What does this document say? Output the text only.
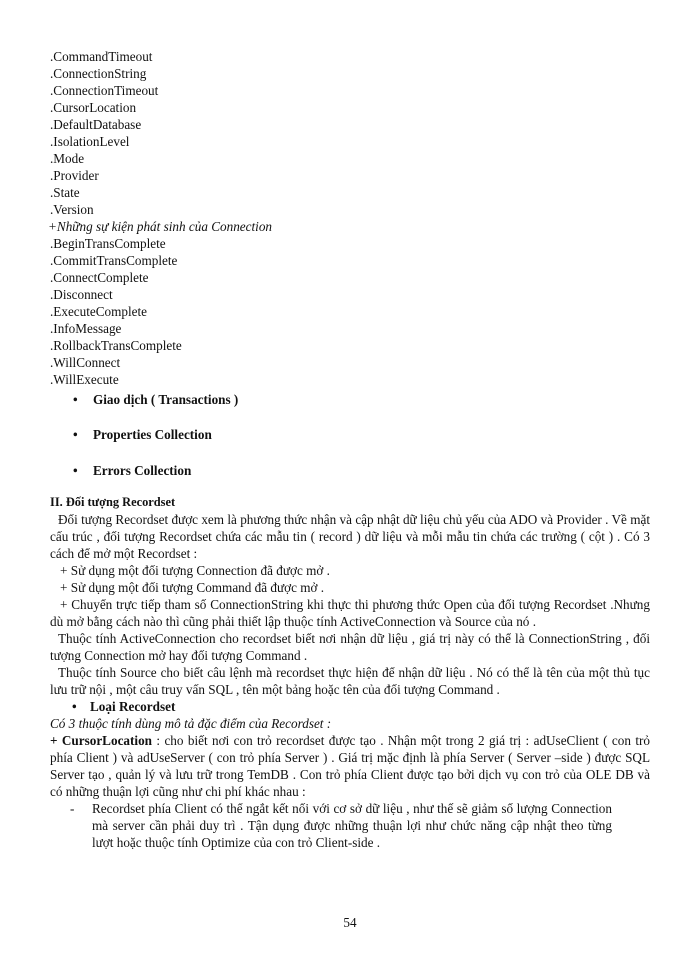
.CommandTimeout

.ConnectionString

.ConnectionTimeout

.CursorLocation

.DefaultDatabase

.IsolationLevel

.Mode

.Provider

.State

.Version

+Những sự kiện phát sinh của Connection

.BeginTransComplete

.CommitTransComplete

.ConnectComplete

.Disconnect

.ExecuteComplete

.InfoMessage

.RollbackTransComplete

.WillConnect

.WillExecute

• Giao dịch ( Transactions )
• Properties Collection
• Errors Collection
II. Đối tượng Recordset

Đối tượng Recordset được xem là phương thức nhận và cập nhật dữ liệu chủ yếu của ADO và Provider . Về mặt cấu trúc , đối tượng Recordset chứa các mẫu tin ( record ) dữ liệu và mỗi mẫu tin chứa các trường ( cột ) . Có 3 cách để mở một Recordset :

+ Sử dụng một đối tượng Connection đã được mở .

+ Sử dụng một đối tượng Command đã được mở .

+ Chuyển trực tiếp tham số ConnectionString khi thực thi phương thức Open của đối tượng Recordset .Nhưng dù mở bằng cách nào thì cũng phải thiết lập thuộc tính ActiveConnection và Source của nó .

Thuộc tính ActiveConnection cho recordset biết nơi nhận dữ liệu , giá trị này có thể là ConnectionString , đối tượng Connection mở hay đối tượng Command .

Thuộc tính Source cho biết câu lệnh mà recordset thực hiện để nhận dữ liệu . Nó có thể là tên của một thủ tục lưu trữ nội , một câu truy vấn SQL , tên một bảng hoặc tên của đối tượng Command .

• Loại Recordset

Có 3 thuộc tính dùng mô tả đặc điểm của Recordset :

+ CursorLocation : cho biết nơi con trỏ recordset được tạo . Nhận một trong 2 giá trị : adUseClient ( con trỏ phía Client ) và adUseServer ( con trỏ phía Server ) . Giá trị mặc định là phía Server ( Server –side ) được SQL Server tạo , quản lý và lưu trữ trong TemDB . Con trỏ phía Client được tạo bởi dịch vụ con trỏ của OLE DB và có những thuận lợi cũng như chi phí khác nhau :

- Recordset phía Client có thể ngắt kết nối với cơ sở dữ liệu , như thế sẽ giảm số lượng Connection mà server cần phải duy trì . Tận dụng được những thuận lợi như chức năng cập nhật theo từng lượt hoặc thuộc tính Optimize của con trỏ Client-side .

54
